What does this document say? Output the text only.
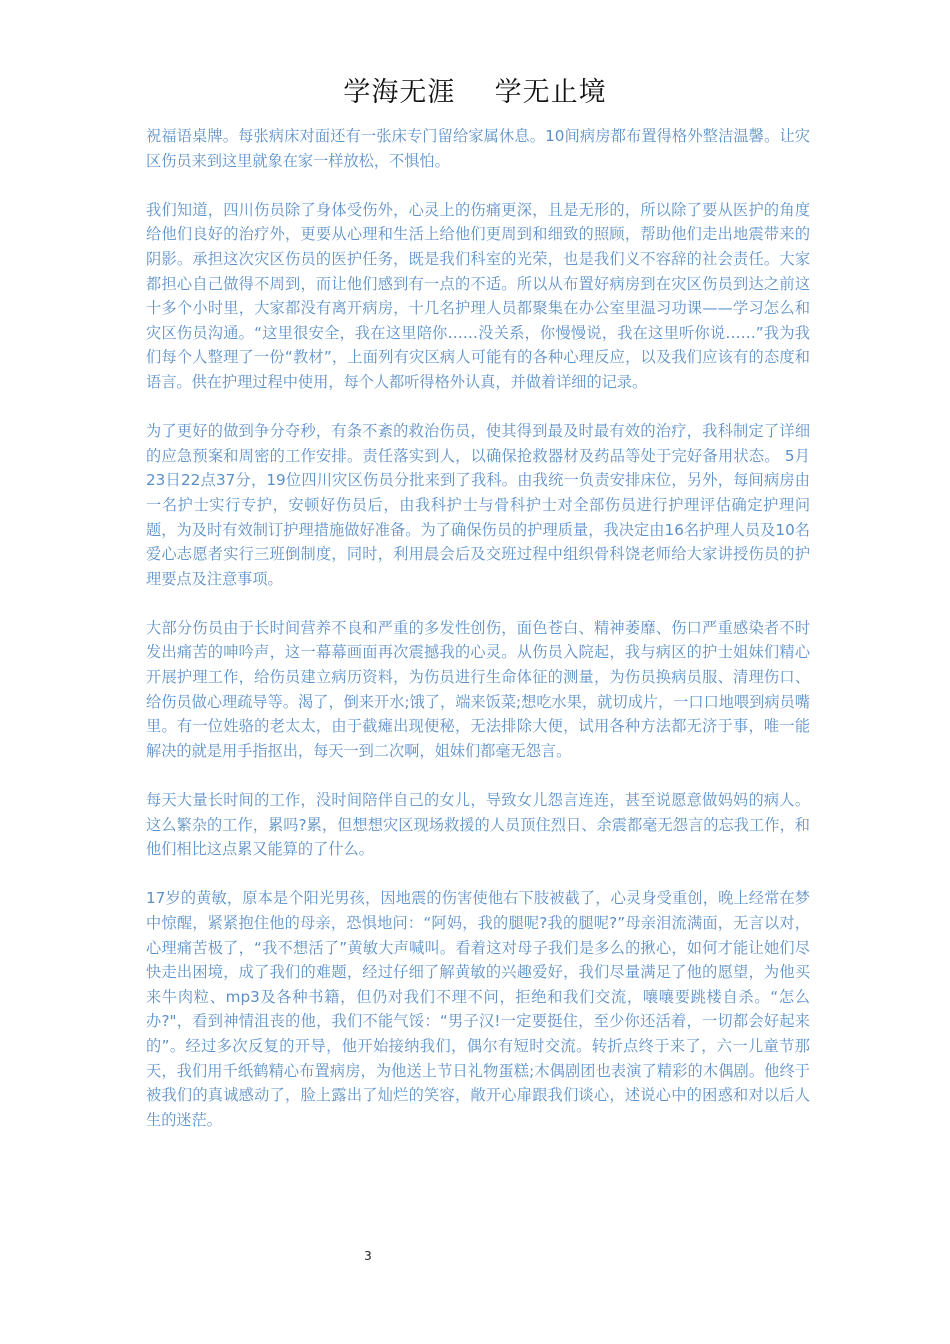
学海无涯  学无止境

祝福语桌牌。每张病床对面还有一张床专门留给家属休息。10间病房都布置得格外整洁温馨。让灾区伤员来到这里就象在家一样放松，不惧怕。

我们知道，四川伤员除了身体受伤外，心灵上的伤痛更深，且是无形的，所以除了要从医护的角度给他们良好的治疗外，更要从心理和生活上给他们更周到和细致的照顾，帮助他们走出地震带来的阴影。承担这次灾区伤员的医护任务，既是我们科室的光荣，也是我们义不容辞的社会责任。大家都担心自己做得不周到，而让他们感到有一点的不适。所以从布置好病房到在灾区伤员到达之前这十多个小时里，大家都没有离开病房，十几名护理人员都聚集在办公室里温习功课——学习怎么和灾区伤员沟通。“这里很安全，我在这里陪你……没关系，你慢慢说，我在这里听你说……”我为我们每个人整理了一份“教材”，上面列有灾区病人可能有的各种心理反应，以及我们应该有的态度和语言。供在护理过程中使用，每个人都听得格外认真，并做着详细的记录。

为了更好的做到争分夺秒，有条不紊的救治伤员，使其得到最及时最有效的治疗，我科制定了详细的应急预案和周密的工作安排。责任落实到人，以确保抢救器材及药品等处于完好备用状态。 5月23日22点37分，19位四川灾区伤员分批来到了我科。由我统一负责安排床位，另外，每间病房由一名护士实行专护，安顿好伤员后，由我科护士与骨科护士对全部伤员进行护理评估确定护理问题，为及时有效制订护理措施做好准备。为了确保伤员的护理质量，我决定由16名护理人员及10名爱心志愿者实行三班倒制度，同时，利用晨会后及交班过程中组织骨科饶老师给大家讲授伤员的护理要点及注意事项。

大部分伤员由于长时间营养不良和严重的多发性创伤，面色苍白、精神萎靡、伤口严重感染者不时发出痛苦的呻吟声，这一幕幕画面再次震撼我的心灵。从伤员入院起，我与病区的护士姐妹们精心开展护理工作，给伤员建立病历资料，为伤员进行生命体征的测量，为伤员换病员服、清理伤口、给伤员做心理疏导等。渴了，倒来开水;饿了，端来饭菜;想吃水果，就切成片，一口口地喂到病员嘴里。有一位姓骆的老太太，由于截瘫出现便秘，无法排除大便，试用各种方法都无济于事，唯一能解决的就是用手指抠出，每天一到二次啊，姐妹们都毫无怨言。

每天大量长时间的工作，没时间陪伴自己的女儿，导致女儿怨言连连，甚至说愿意做妈妈的病人。这么繁杂的工作，累吗?累，但想想灾区现场救援的人员顶住烈日、余震都毫无怨言的忘我工作，和他们相比这点累又能算的了什么。

17岁的黄敏，原本是个阳光男孩，因地震的伤害使他右下肢被截了，心灵身受重创，晚上经常在梦中惊醒，紧紧抱住他的母亲，恐惧地问：“阿妈，我的腿呢?我的腿呢?”母亲泪流满面，无言以对，心理痛苦极了，“我不想活了”黄敏大声喊叫。看着这对母子我们是多么的揪心，如何才能让她们尽快走出困境，成了我们的难题，经过仔细了解黄敏的兴趣爱好，我们尽量满足了他的愿望，为他买来牛肉粒、mp3及各种书籍，但仍对我们不理不问，拒绝和我们交流，嚷嚷要跳楼自杀。“怎么办?"，看到神情沮丧的他，我们不能气馁：“男子汉!一定要挺住，至少你还活着，一切都会好起来的”。经过多次反复的开导，他开始接纳我们，偶尔有短时交流。转折点终于来了，六一儿童节那天，我们用千纸鹤精心布置病房，为他送上节日礼物蛋糕;木偶剧团也表演了精彩的木偶剧。他终于被我们的真诚感动了，脸上露出了灿烂的笑容，敞开心扉跟我们谈心，述说心中的困惑和对以后人生的迷茫。

3
